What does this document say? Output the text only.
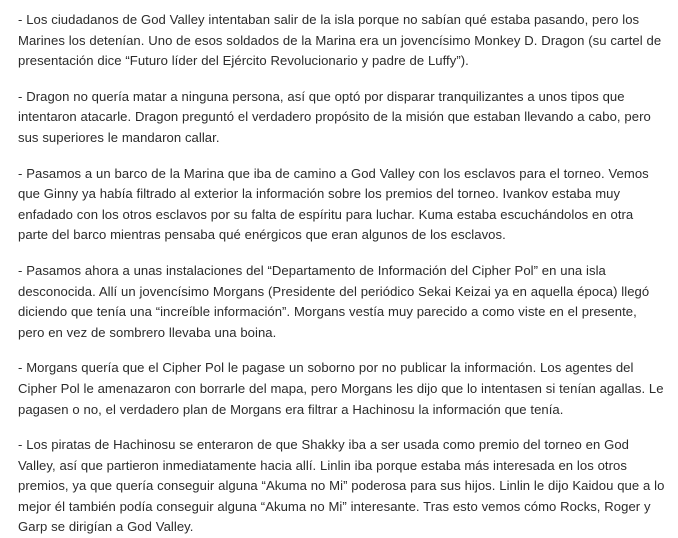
- Los ciudadanos de God Valley intentaban salir de la isla porque no sabían qué estaba pasando, pero los Marines los detenían. Uno de esos soldados de la Marina era un jovencísimo Monkey D. Dragon (su cartel de presentación dice “Futuro líder del Ejército Revolucionario y padre de Luffy”).

- Dragon no quería matar a ninguna persona, así que optó por disparar tranquilizantes a unos tipos que intentaron atacarle. Dragon preguntó el verdadero propósito de la misión que estaban llevando a cabo, pero sus superiores le mandaron callar.

- Pasamos a un barco de la Marina que iba de camino a God Valley con los esclavos para el torneo. Vemos que Ginny ya había filtrado al exterior la información sobre los premios del torneo. Ivankov estaba muy enfadado con los otros esclavos por su falta de espíritu para luchar. Kuma estaba escuchándolos en otra parte del barco mientras pensaba qué enérgicos que eran algunos de los esclavos.

- Pasamos ahora a unas instalaciones del “Departamento de Información del Cipher Pol” en una isla desconocida. Allí un jovencísimo Morgans (Presidente del periódico Sekai Keizai ya en aquella época) llegó diciendo que tenía una “increíble información”. Morgans vestía muy parecido a como viste en el presente, pero en vez de sombrero llevaba una boina.

- Morgans quería que el Cipher Pol le pagase un soborno por no publicar la información. Los agentes del Cipher Pol le amenazaron con borrarle del mapa, pero Morgans les dijo que lo intentasen si tenían agallas. Le pagasen o no, el verdadero plan de Morgans era filtrar a Hachinosu la información que tenía.

- Los piratas de Hachinosu se enteraron de que Shakky iba a ser usada como premio del torneo en God Valley, así que partieron inmediatamente hacia allí. Linlin iba porque estaba más interesada en los otros premios, ya que quería conseguir alguna “Akuma no Mi” poderosa para sus hijos. Linlin le dijo Kaidou que a lo mejor él también podía conseguir alguna “Akuma no Mi” interesante. Tras esto vemos cómo Rocks, Roger y Garp se dirigían a God Valley.
